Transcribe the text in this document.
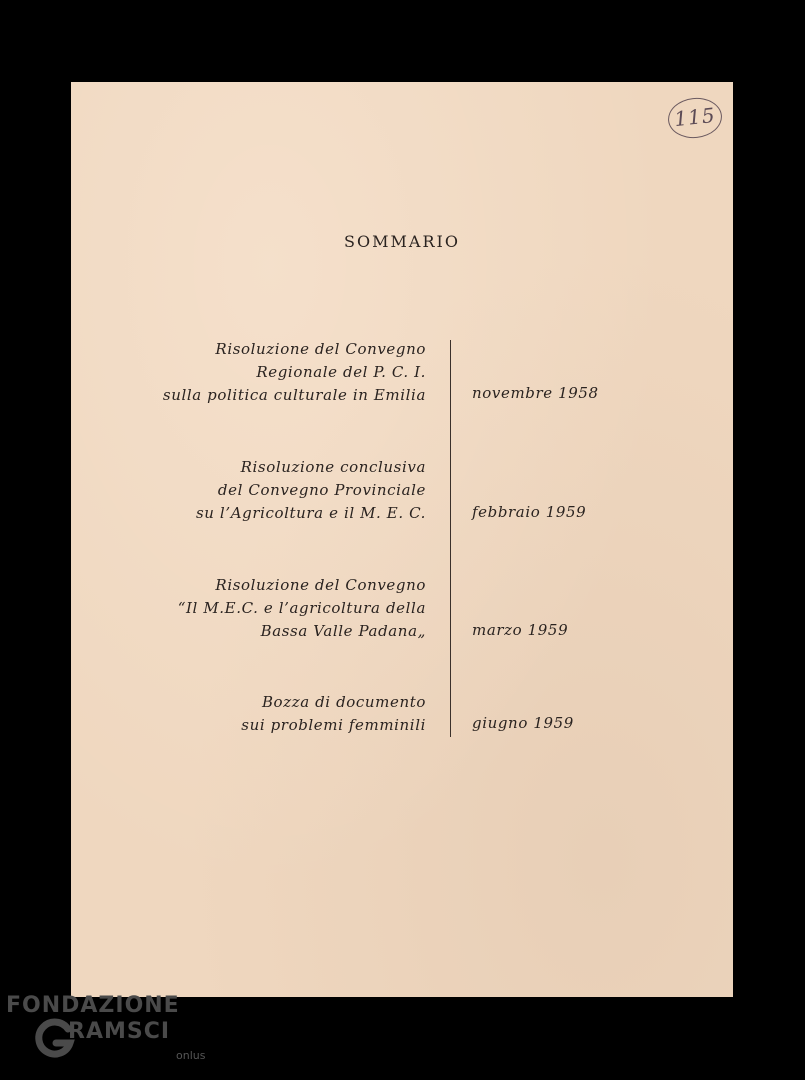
115
SOMMARIO
Risoluzione del Convegno
Regionale del P. C. I.
sulla politica culturale in Emilia	novembre 1958
Risoluzione conclusiva
del Convegno Provinciale
su l’Agricoltura e il M. E. C.	febbraio 1959
Risoluzione del Convegno
“Il M.E.C. e l’agricoltura della
Bassa Valle Padana„	marzo 1959
Bozza di documento
sui problemi femminili	giugno 1959
FONDAZIONE
RAMSCI
onlus
